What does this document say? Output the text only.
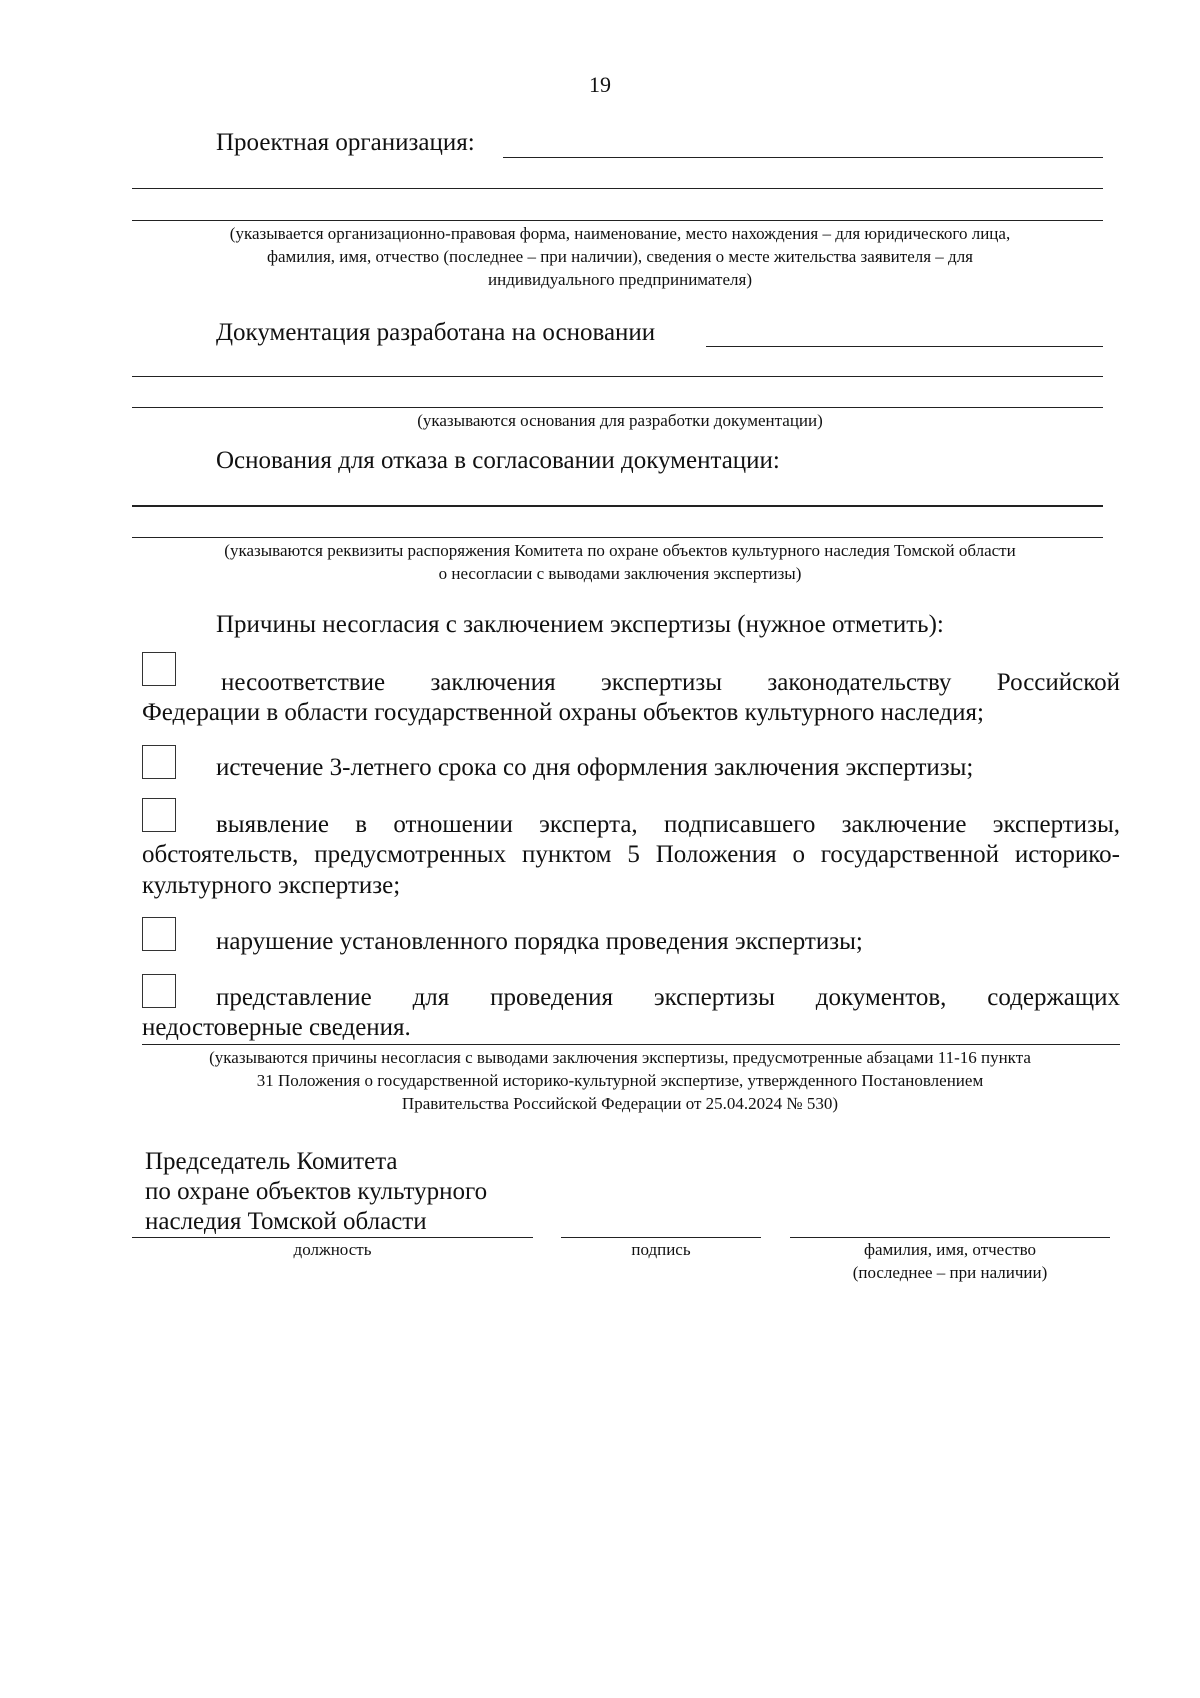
19
Проектная организация:
(указывается организационно-правовая форма, наименование, место нахождения – для юридического лица,
фамилия, имя, отчество (последнее – при наличии), сведения о месте жительства заявителя – для
индивидуального предпринимателя)
Документация разработана на основании
(указываются основания для разработки документации)
Основания для отказа в согласовании документации:
(указываются реквизиты распоряжения Комитета по охране объектов культурного наследия Томской области
о несогласии с выводами заключения экспертизы)
Причины несогласия с заключением экспертизы (нужное отметить):
несоответствие заключения экспертизы законодательству Российской
Федерации в области государственной охраны объектов культурного наследия;
истечение 3-летнего срока со дня оформления заключения экспертизы;
выявление в отношении эксперта, подписавшего заключение экспертизы,
обстоятельств, предусмотренных пунктом 5 Положения о государственной историко-культурного экспертизе;
нарушение установленного порядка проведения экспертизы;
представление для проведения экспертизы документов, содержащих
недостоверные сведения.
(указываются причины несогласия с выводами заключения экспертизы, предусмотренные абзацами 11-16 пункта
31 Положения о государственной историко-культурной экспертизе, утвержденного Постановлением
Правительства Российской Федерации от 25.04.2024 № 530)
Председатель Комитета
по охране объектов культурного
наследия Томской области
должность	подпись	фамилия, имя, отчество
(последнее – при наличии)
